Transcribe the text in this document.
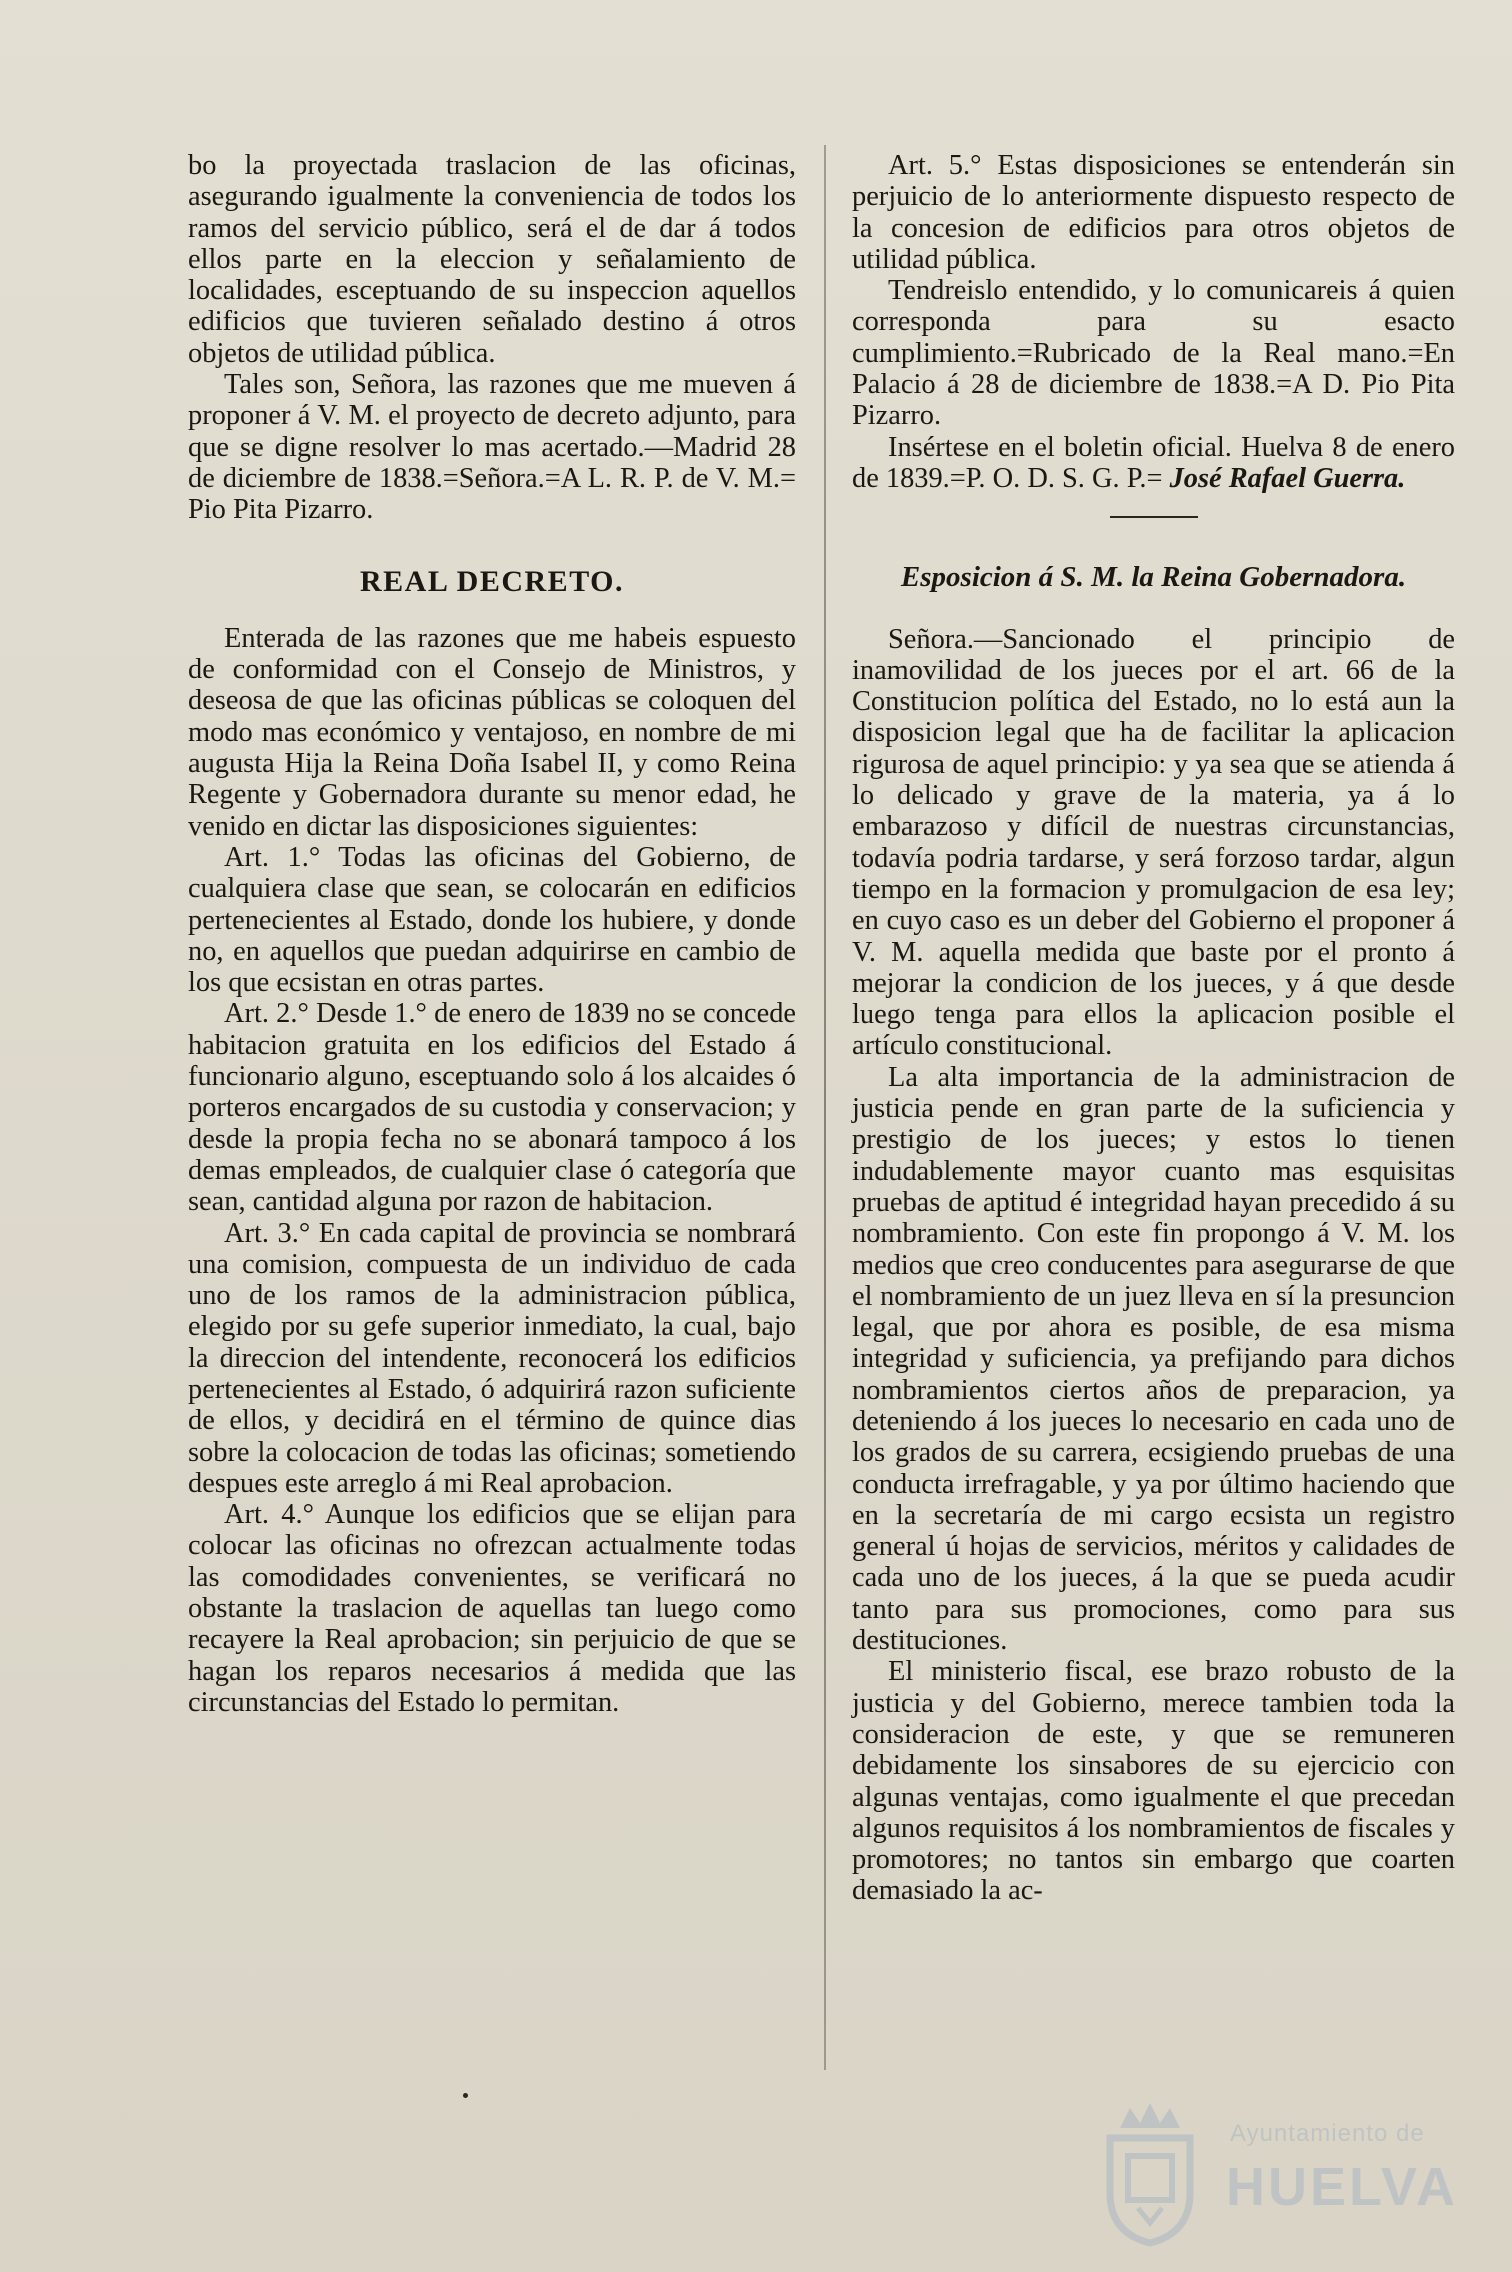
bo la proyectada traslacion de las oficinas, asegurando igualmente la conveniencia de todos los ramos del servicio público, será el de dar á todos ellos parte en la eleccion y señalamiento de localidades, esceptuando de su inspeccion aquellos edificios que tuvieren señalado destino á otros objetos de utilidad pública.

Tales son, Señora, las razones que me mueven á proponer á V. M. el proyecto de decreto adjunto, para que se digne resolver lo mas acertado.—Madrid 28 de diciembre de 1838.=Señora.=A L. R. P. de V. M.= Pio Pita Pizarro.

REAL DECRETO.

Enterada de las razones que me habeis espuesto de conformidad con el Consejo de Ministros, y deseosa de que las oficinas públicas se coloquen del modo mas económico y ventajoso, en nombre de mi augusta Hija la Reina Doña Isabel II, y como Reina Regente y Gobernadora durante su menor edad, he venido en dictar las disposiciones siguientes:

Art. 1.° Todas las oficinas del Gobierno, de cualquiera clase que sean, se colocarán en edificios pertenecientes al Estado, donde los hubiere, y donde no, en aquellos que puedan adquirirse en cambio de los que ecsistan en otras partes.

Art. 2.° Desde 1.° de enero de 1839 no se concede habitacion gratuita en los edificios del Estado á funcionario alguno, esceptuando solo á los alcaides ó porteros encargados de su custodia y conservacion; y desde la propia fecha no se abonará tampoco á los demas empleados, de cualquier clase ó categoría que sean, cantidad alguna por razon de habitacion.

Art. 3.° En cada capital de provincia se nombrará una comision, compuesta de un individuo de cada uno de los ramos de la administracion pública, elegido por su gefe superior inmediato, la cual, bajo la direccion del intendente, reconocerá los edificios pertenecientes al Estado, ó adquirirá razon suficiente de ellos, y decidirá en el término de quince dias sobre la colocacion de todas las oficinas; sometiendo despues este arreglo á mi Real aprobacion.

Art. 4.° Aunque los edificios que se elijan para colocar las oficinas no ofrezcan actualmente todas las comodidades convenientes, se verificará no obstante la traslacion de aquellas tan luego como recayere la Real aprobacion; sin perjuicio de que se hagan los reparos necesarios á medida que las circunstancias del Estado lo permitan.

Art. 5.° Estas disposiciones se entenderán sin perjuicio de lo anteriormente dispuesto respecto de la concesion de edificios para otros objetos de utilidad pública.

Tendreislo entendido, y lo comunicareis á quien corresponda para su esacto cumplimiento.=Rubricado de la Real mano.=En Palacio á 28 de diciembre de 1838.=A D. Pio Pita Pizarro.

Insértese en el boletin oficial. Huelva 8 de enero de 1839.=P. O. D. S. G. P.= José Rafael Guerra.

Esposicion á S. M. la Reina Gobernadora.

Señora.—Sancionado el principio de inamovilidad de los jueces por el art. 66 de la Constitucion política del Estado, no lo está aun la disposicion legal que ha de facilitar la aplicacion rigurosa de aquel principio: y ya sea que se atienda á lo delicado y grave de la materia, ya á lo embarazoso y difícil de nuestras circunstancias, todavía podria tardarse, y será forzoso tardar, algun tiempo en la formacion y promulgacion de esa ley; en cuyo caso es un deber del Gobierno el proponer á V. M. aquella medida que baste por el pronto á mejorar la condicion de los jueces, y á que desde luego tenga para ellos la aplicacion posible el artículo constitucional.

La alta importancia de la administracion de justicia pende en gran parte de la suficiencia y prestigio de los jueces; y estos lo tienen indudablemente mayor cuanto mas esquisitas pruebas de aptitud é integridad hayan precedido á su nombramiento. Con este fin propongo á V. M. los medios que creo conducentes para asegurarse de que el nombramiento de un juez lleva en sí la presuncion legal, que por ahora es posible, de esa misma integridad y suficiencia, ya prefijando para dichos nombramientos ciertos años de preparacion, ya deteniendo á los jueces lo necesario en cada uno de los grados de su carrera, ecsigiendo pruebas de una conducta irrefragable, y ya por último haciendo que en la secretaría de mi cargo ecsista un registro general ú hojas de servicios, méritos y calidades de cada uno de los jueces, á la que se pueda acudir tanto para sus promociones, como para sus destituciones.

El ministerio fiscal, ese brazo robusto de la justicia y del Gobierno, merece tambien toda la consideracion de este, y que se remuneren debidamente los sinsabores de su ejercicio con algunas ventajas, como igualmente el que precedan algunos requisitos á los nombramientos de fiscales y promotores; no tantos sin embargo que coarten demasiado la ac-

Ayuntamiento de
HUELVA
